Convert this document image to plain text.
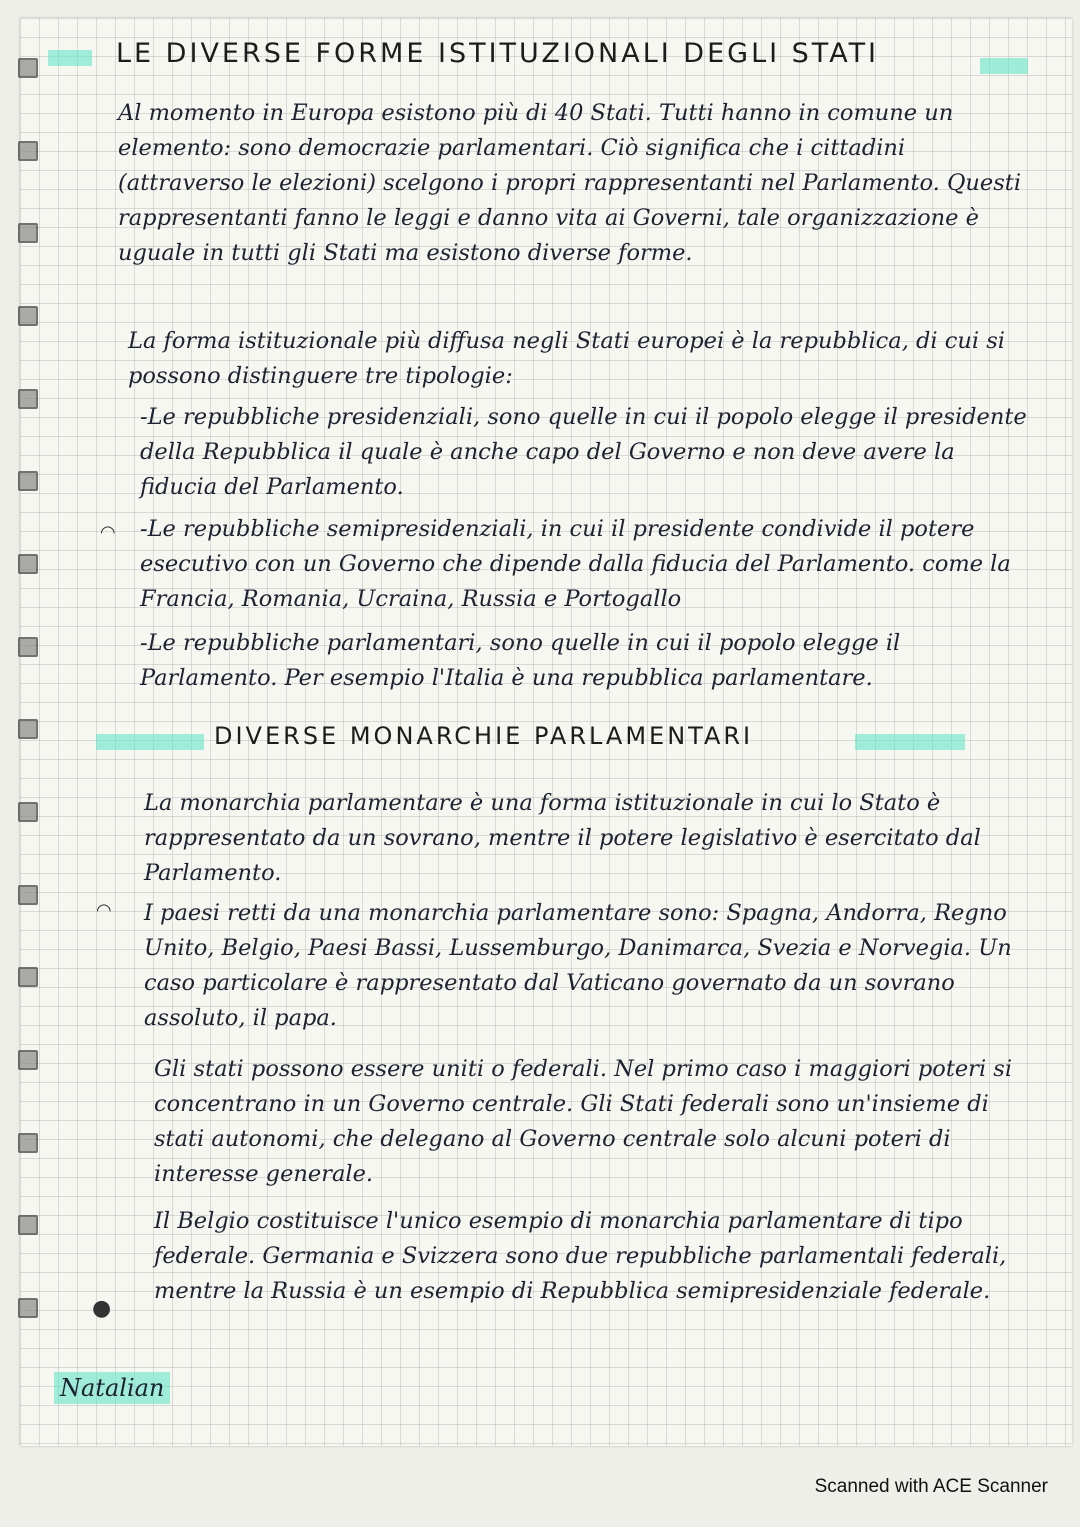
LE DIVERSE FORME ISTITUZIONALI DEGLI STATI

Al momento in Europa esistono più di 40 Stati. Tutti hanno in comune un elemento: sono democrazie parlamentari. Ciò significa che i cittadini (attraverso le elezioni) scelgono i propri rappresentanti nel Parlamento. Questi rappresentanti fanno le leggi e danno vita ai Governi, tale organizzazione è uguale in tutti gli Stati ma esistono diverse forme.

La forma istituzionale più diffusa negli Stati europei è la repubblica, di cui si possono distinguere tre tipologie:

-Le repubbliche presidenziali, sono quelle in cui il popolo elegge il presidente della Repubblica il quale è anche capo del Governo e non deve avere la fiducia del Parlamento.

◠ -Le repubbliche semipresidenziali, in cui il presidente condivide il potere esecutivo con un Governo che dipende dalla fiducia del Parlamento. come la Francia, Romania, Ucraina, Russia e Portogallo

-Le repubbliche parlamentari, sono quelle in cui il popolo elegge il Parlamento. Per esempio l'Italia è una repubblica parlamentare.

DIVERSE MONARCHIE PARLAMENTARI

La monarchia parlamentare è una forma istituzionale in cui lo Stato è rappresentato da un sovrano, mentre il potere legislativo è esercitato dal Parlamento.

◠ I paesi retti da una monarchia parlamentare sono: Spagna, Andorra, Regno Unito, Belgio, Paesi Bassi, Lussemburgo, Danimarca, Svezia e Norvegia. Un caso particolare è rappresentato dal Vaticano governato da un sovrano assoluto, il papa.

Gli stati possono essere uniti o federali. Nel primo caso i maggiori poteri si concentrano in un Governo centrale. Gli Stati federali sono un'insieme di stati autonomi, che delegano al Governo centrale solo alcuni poteri di interesse generale.

●

Il Belgio costituisce l'unico esempio di monarchia parlamentare di tipo federale. Germania e Svizzera sono due repubbliche parlamentali federali, mentre la Russia è un esempio di Repubblica semipresidenziale federale.

Natalian
Scanned with ACE Scanner
